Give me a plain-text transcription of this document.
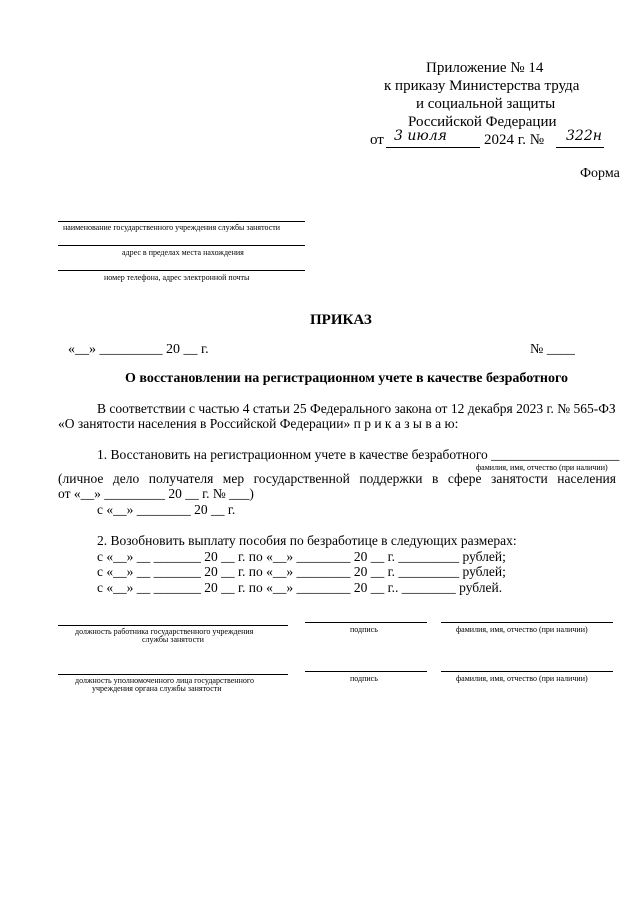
Приложение № 14
к приказу Министерства труда
и социальной защиты
Российской Федерации
от 3 июля 2024 г. № 322н
Форма
наименование государственного учреждения службы занятости
адрес в пределах места нахождения
номер телефона, адрес электронной почты
ПРИКАЗ
«__» _________ 20 __ г.	№ ____
О восстановлении на регистрационном учете в качестве безработного
В соответствии с частью 4 статьи 25 Федерального закона от 12 декабря 2023 г. № 565-ФЗ
«О занятости населения в Российской Федерации» п р и к а з ы в а ю:
1. Восстановить на регистрационном учете в качестве безработного ___________________
фамилия, имя, отчество (при наличии)
(личное дело получателя мер государственной поддержки в сфере занятости населения
от «__» _________ 20 __ г. № ___)
с «__» ________ 20 __ г.
2. Возобновить выплату пособия по безработице в следующих размерах:
с «__» __ _______ 20 __ г. по «__» ________ 20 __ г. _________ рублей;
с «__» __ _______ 20 __ г. по «__» ________ 20 __ г. _________ рублей;
с «__» __ _______ 20 __ г. по «__» ________ 20 __ г.. ________ рублей.
должность работника государственного учреждения
службы занятости
подпись	фамилия, имя, отчество (при наличии)
должность уполномоченного лица государственного
учреждения органа службы занятости
подпись	фамилия, имя, отчество (при наличии)
